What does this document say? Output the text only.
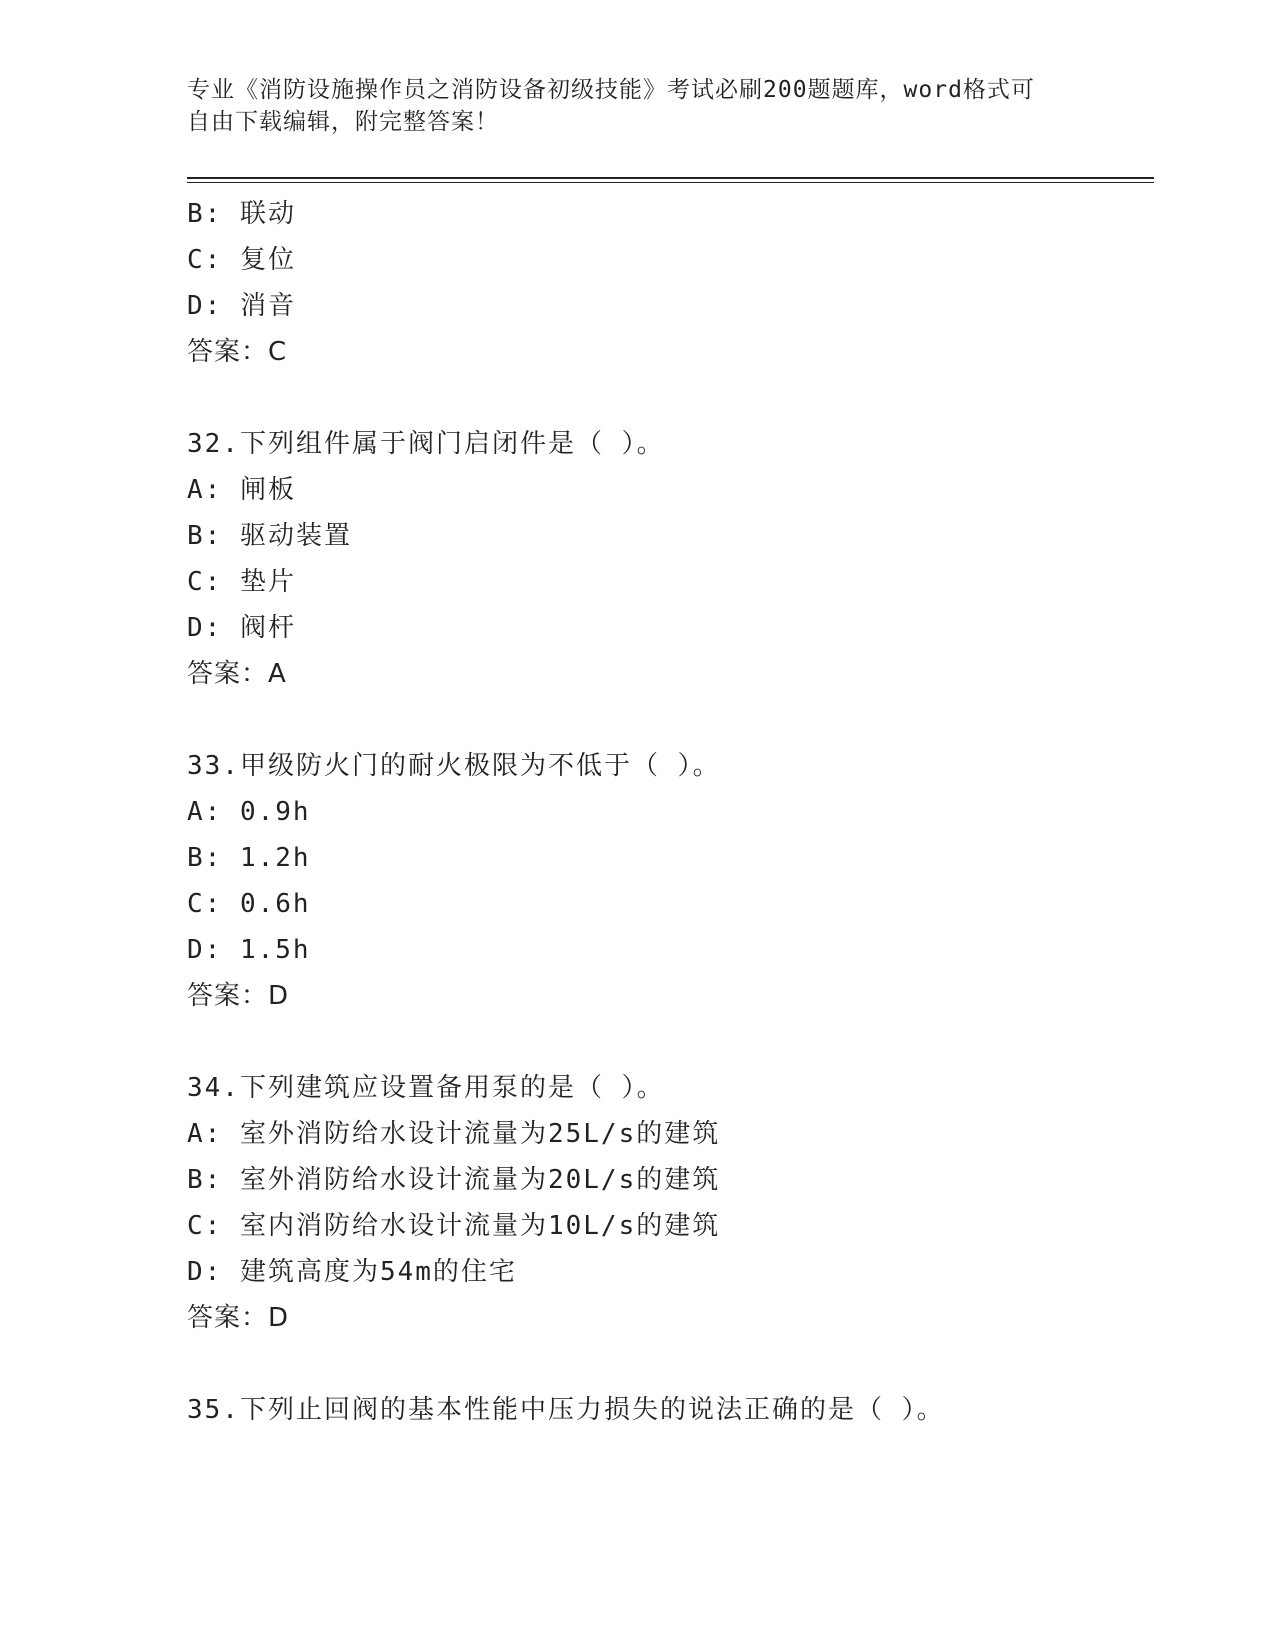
专业《消防设施操作员之消防设备初级技能》考试必刷200题题库，word格式可
自由下载编辑，附完整答案！
B: 联动
C: 复位
D: 消音
答案：C
32.下列组件属于阀门启闭件是（ ）。
A: 闸板
B: 驱动装置
C: 垫片
D: 阀杆
答案：A
33.甲级防火门的耐火极限为不低于（ ）。
A: 0.9h
B: 1.2h
C: 0.6h
D: 1.5h
答案：D
34.下列建筑应设置备用泵的是（ ）。
A: 室外消防给水设计流量为25L/s的建筑
B: 室外消防给水设计流量为20L/s的建筑
C: 室内消防给水设计流量为10L/s的建筑
D: 建筑高度为54m的住宅
答案：D
35.下列止回阀的基本性能中压力损失的说法正确的是（ ）。
